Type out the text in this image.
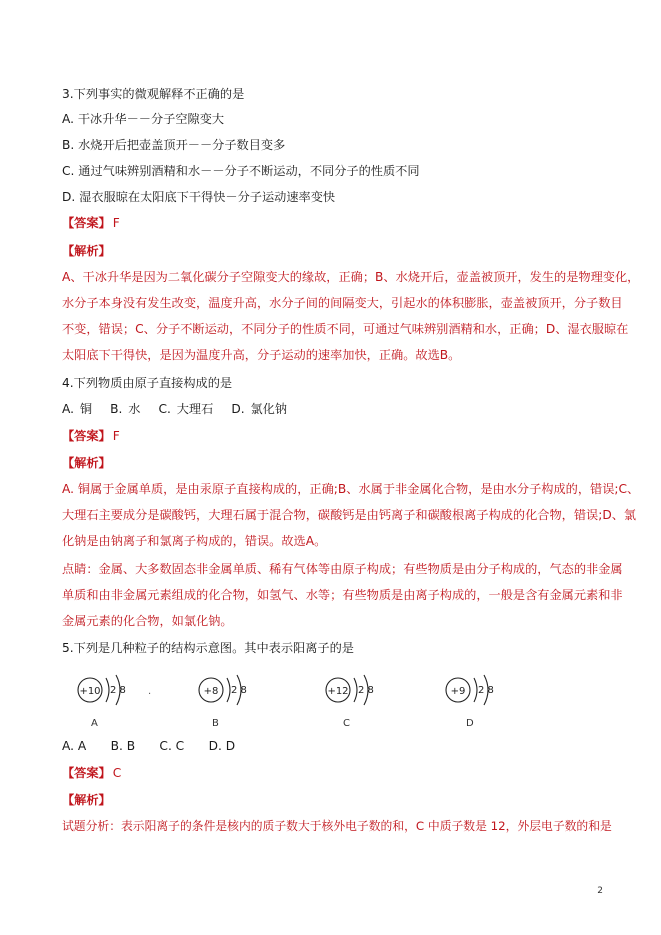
3.下列事实的微观解释不正确的是
A. 干冰升华－－分子空隙变大
B. 水烧开后把壶盖顶开－－分子数目变多
C. 通过气味辨别酒精和水－－分子不断运动，不同分子的性质不同
D. 湿衣服晾在太阳底下干得快－分子运动速率变快
【答案】 F
【解析】
A、干冰升华是因为二氧化碳分子空隙变大的缘故，正确；B、水烧开后，壶盖被顶开，发生的是物理变化，
水分子本身没有发生改变，温度升高，水分子间的间隔变大，引起水的体积膨胀，壶盖被顶开，分子数目
不变，错误；C、分子不断运动，不同分子的性质不同，可通过气味辨别酒精和水，正确；D、湿衣服晾在
太阳底下干得快，是因为温度升高，分子运动的速率加快，正确。故选B。
4.下列物质由原子直接构成的是
A. 铜　 B. 水　 C. 大理石　 D. 氯化钠
【答案】 F
【解析】
A. 铜属于金属单质，是由汞原子直接构成的，正确;B、水属于非金属化合物，是由水分子构成的，错误;C、
大理石主要成分是碳酸钙，大理石属于混合物，碳酸钙是由钙离子和碳酸根离子构成的化合物，错误;D、氯
化钠是由钠离子和氯离子构成的，错误。故选A。
点睛：金属、大多数固态非金属单质、稀有气体等由原子构成；有些物质是由分子构成的，气态的非金属
单质和由非金属元素组成的化合物，如氢气、水等；有些物质是由离子构成的，一般是含有金属元素和非
金属元素的化合物，如氯化钠。
5.下列是几种粒子的结构示意图。其中表示阳离子的是
+10 2 8 .
A
+8 2 8
B
+12 2 8
C
+9 2 8
D
A. A　　B. B　　C. C　　D. D
【答案】 C
【解析】
试题分析：表示阳离子的条件是核内的质子数大于核外电子数的和，C 中质子数是 12，外层电子数的和是
2
